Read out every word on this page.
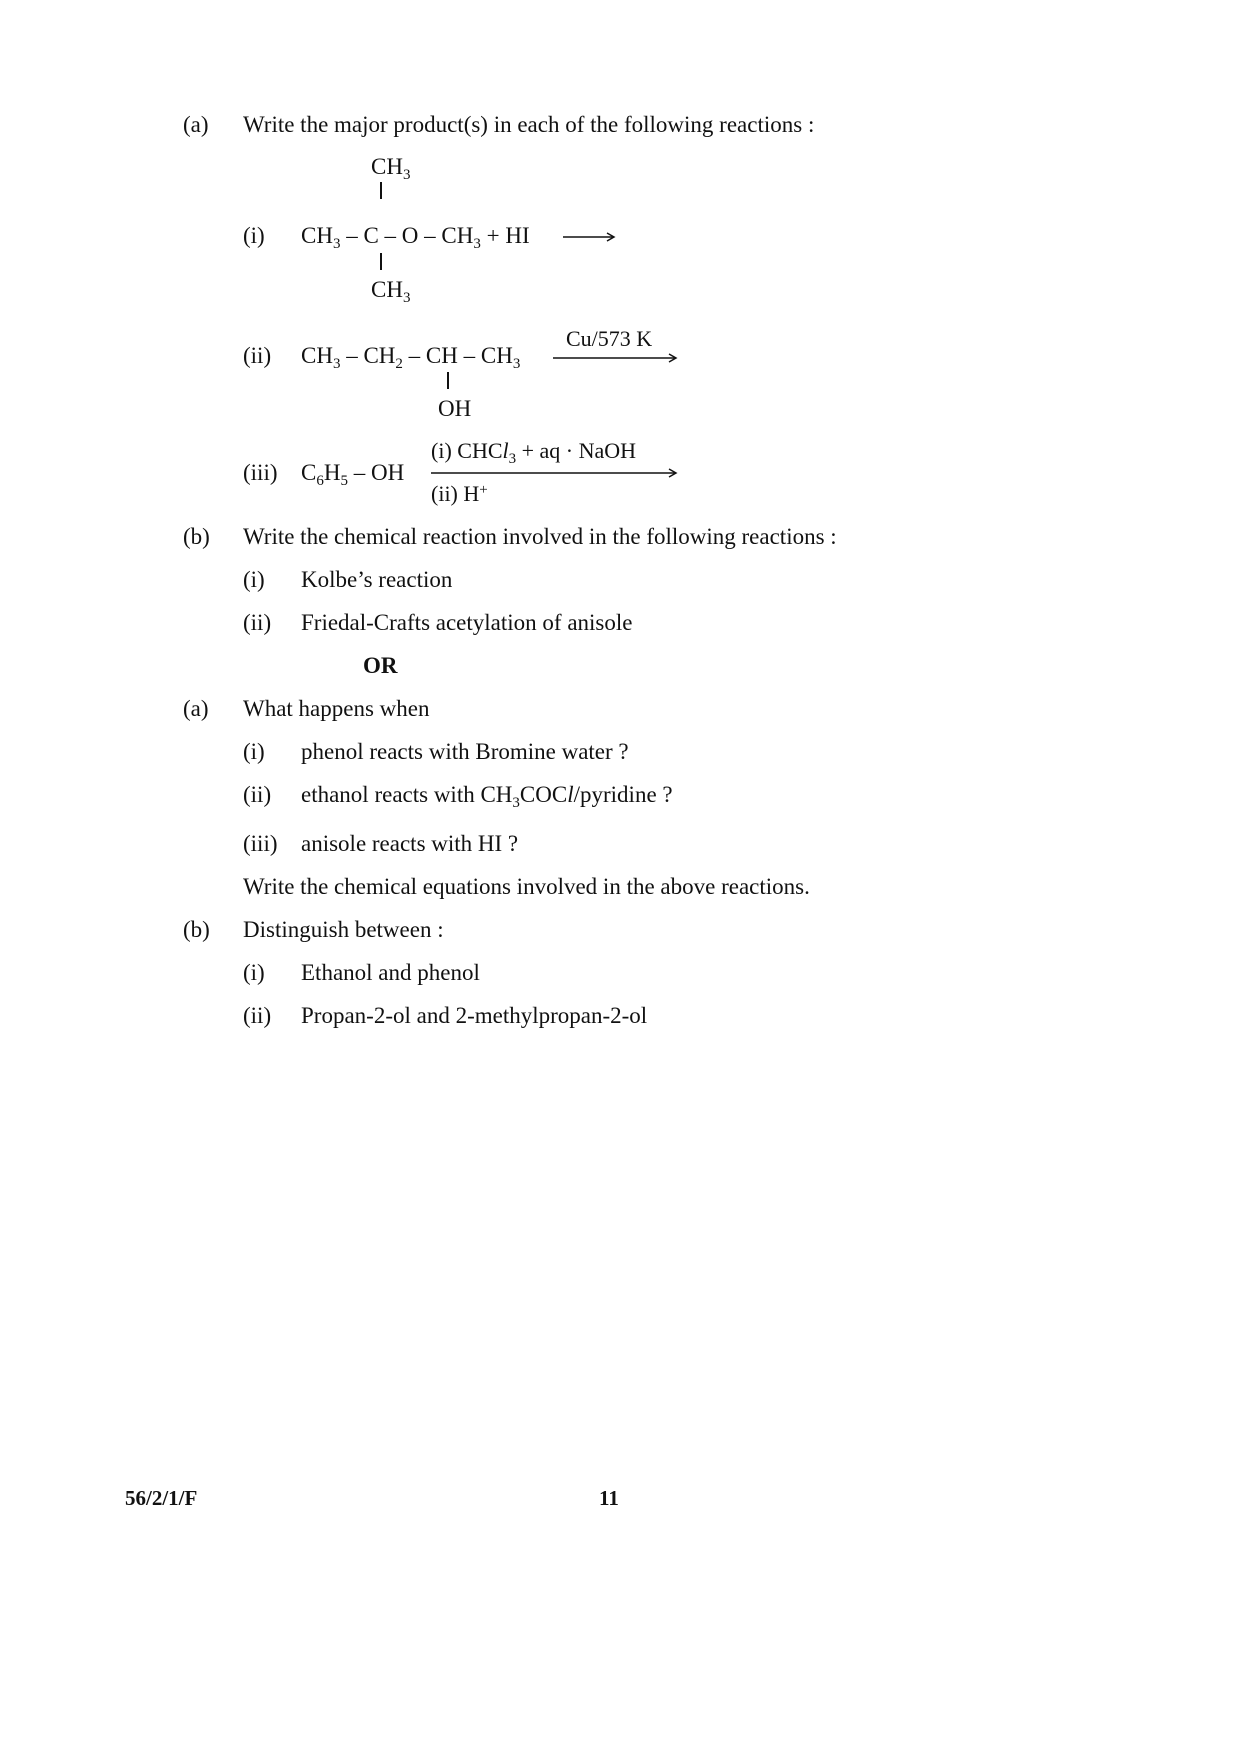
(a) Write the major product(s) in each of the following reactions :
$CH_3$
(i) $CH_3$ – C – O – $CH_3$ + HI
$CH_3$
Cu/573 K
(ii) $CH_3 - CH_2$ – CH – $CH_3$
OH
(i) CHCl$_3$ + aq · NaOH
(iii) $C_6H_5$ – OH
(ii) H+
(b) Write the chemical reaction involved in the following reactions :
(i) Kolbe’s reaction
(ii) Friedal-Crafts acetylation of anisole
OR
(a) What happens when
(i) phenol reacts with Bromine water ?
(ii) ethanol reacts with $CH_3COCl$/pyridine ?
(iii) anisole reacts with HI ?
Write the chemical equations involved in the above reactions.
(b) Distinguish between :
(i) Ethanol and phenol
(ii) Propan-2-ol and 2-methylpropan-2-ol
56/2/1/F	11
